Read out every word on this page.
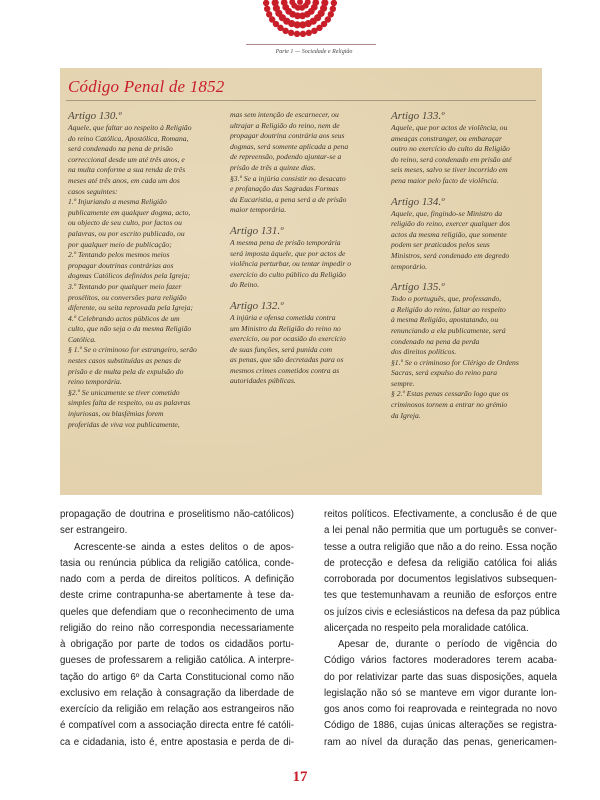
Parte 1 — Sociedade e Religião
Código Penal de 1852
Artigo 130.º
Aquele, que faltar ao respeito à Religião
do reino Católica, Apostólica, Romana,
será condenado na pena de prisão
correccional desde um até três anos, e
na multa conforme a sua renda de três
meses até três anos, em cada um dos
casos seguintes:
1.º Injuriando a mesma Religião
publicamente em qualquer dogma, acto,
ou objecto de seu culto, por factos ou
palavras, ou por escrito publicado, ou
por qualquer meio de publicação;
2.º Tentando pelos mesmos meios
propagar doutrinas contrárias aos
dogmas Católicos definidos pela Igreja;
3.º Tentando por qualquer meio fazer
prosélitos, ou conversões para religião
diferente, ou seita reprovada pela Igreja;
4.º Celebrando actos públicos de um
culto, que não seja o da mesma Religião
Católica.
§ 1.º Se o criminoso for estrangeiro, serão
nestes casos substituídas as penas de
prisão e de multa pela de expulsão do
reino temporária.
§2.º Se unicamente se tiver cometido
simples falta de respeito, ou as palavras
injuriosas, ou blasfémias forem
proferidas de viva voz publicamente,
mas sem intenção de escarnecer, ou
ultrajar a Religião do reino, nem de
propagar doutrina contrária aos seus
dogmas, será somente aplicada a pena
de repreensão, podendo ajuntar-se a
prisão de três a quinze dias.
§3.º Se a injúria consistir no desacato
e profanação das Sagradas Formas
da Eucaristia, a pena será a de prisão
maior temporária.
Artigo 131.º
A mesma pena de prisão temporária
será imposta àquele, que por actos de
violência perturbar, ou tentar impedir o
exercício do culto público da Religião
do Reino.
Artigo 132.º
A injúria e ofensa cometida contra
um Ministro da Religião do reino no
exercício, ou por ocasião do exercício
de suas funções, será punida com
as penas, que são decretadas para os
mesmos crimes cometidos contra as
autoridades públicas.
Artigo 133.º
Aquele, que por actos de violência, ou
ameaças constranger, ou embaraçar
outro no exercício do culto da Religião
do reino, será condenado em prisão até
seis meses, salvo se tiver incorrido em
pena maior pelo facto de violência.
Artigo 134.º
Aquele, que, fingindo-se Ministro da
religião do reino, exercer qualquer dos
actos da mesma religião, que somente
podem ser praticados pelos seus
Ministros, será condenado em degredo
temporário.
Artigo 135.º
Todo o português, que, professando,
a Religião do reino, faltar ao respeito
à mesma Religião, apostatando, ou
renunciando a ela publicamente, será
condenado na pena da perda
dos direitos políticos.
§1.º Se o criminoso for Clérigo de Ordens
Sacras, será expulso do reino para
sempre.
§ 2.º Estas penas cessarão logo que os
criminosos tornem a entrar no grémio
da Igreja.
propagação de doutrina e proselitismo não-católicos)
ser estrangeiro.
Acrescente-se ainda a estes delitos o de apos-
tasia ou renúncia pública da religião católica, conde-
nado com a perda de direitos políticos. A definição
deste crime contrapunha-se abertamente à tese da-
queles que defendiam que o reconhecimento de uma
religião do reino não correspondia necessariamente
à obrigação por parte de todos os cidadãos portu-
gueses de professarem a religião católica. A interpre-
tação do artigo 6º da Carta Constitucional como não
exclusivo em relação à consagração da liberdade de
exercício da religião em relação aos estrangeiros não
é compatível com a associação directa entre fé católi-
ca e cidadania, isto é, entre apostasia e perda de di-
reitos políticos. Efectivamente, a conclusão é de que
a lei penal não permitia que um português se conver-
tesse a outra religião que não a do reino. Essa noção
de protecção e defesa da religião católica foi aliás
corroborada por documentos legislativos subsequen-
tes que testemunhavam a reunião de esforços entre
os juízos civis e eclesiásticos na defesa da paz pública
alicerçada no respeito pela moralidade católica.
Apesar de, durante o período de vigência do
Código vários factores moderadores terem acaba-
do por relativizar parte das suas disposições, aquela
legislação não só se manteve em vigor durante lon-
gos anos como foi reaprovada e reintegrada no novo
Código de 1886, cujas únicas alterações se registra-
ram ao nível da duração das penas, genericamen-
17
